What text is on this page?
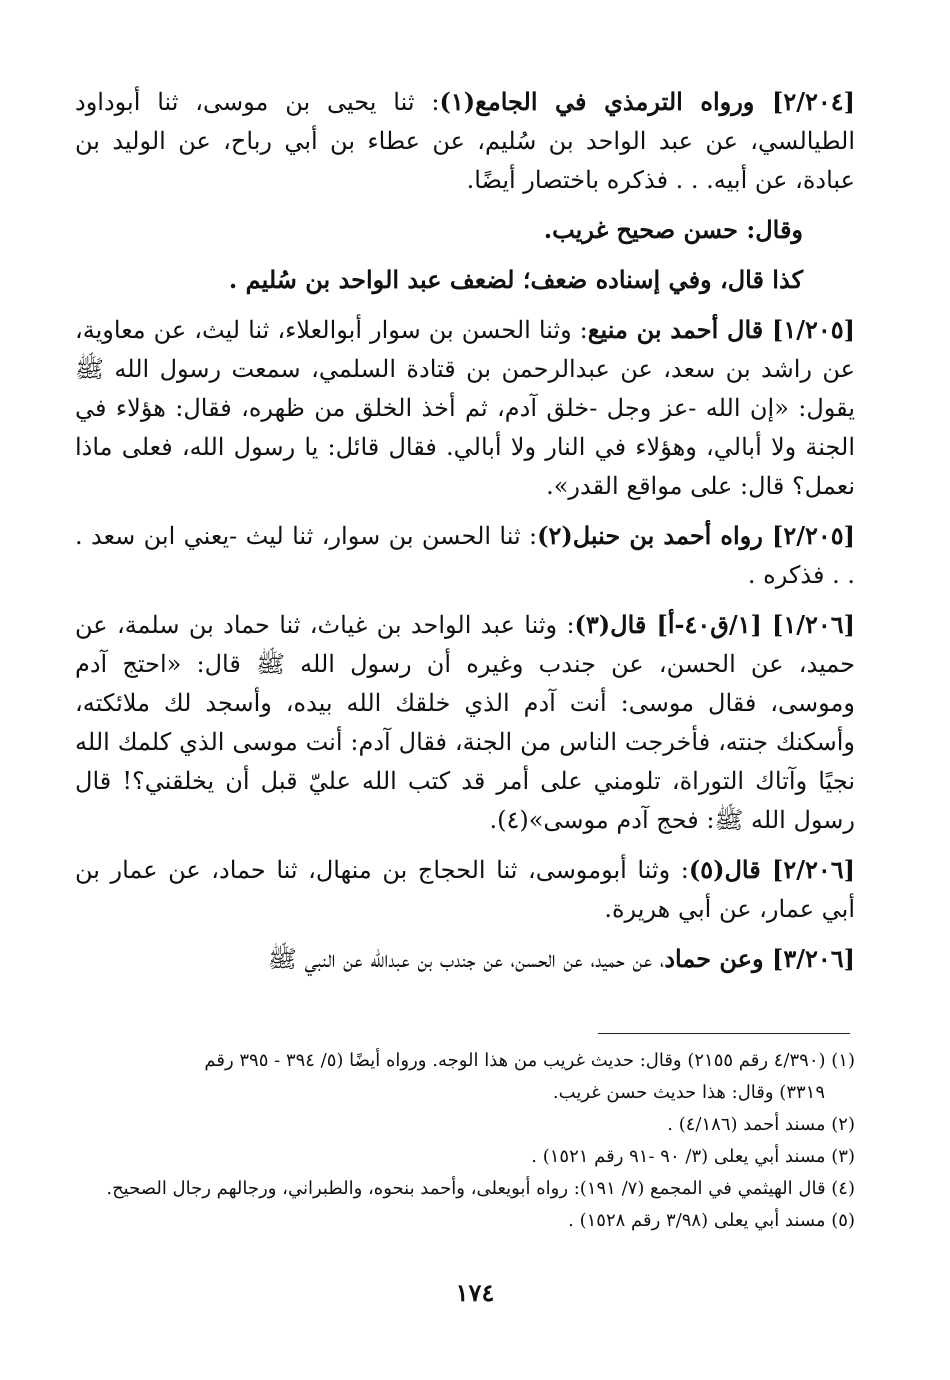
[٢/٢٠٤] ورواه الترمذي في الجامع(١): ثنا يحيى بن موسى، ثنا أبوداود الطيالسي، عن عبد الواحد بن سُليم، عن عطاء بن أبي رباح، عن الوليد بن عبادة، عن أبيه. . . فذكره باختصار أيضًا.

وقال: حسن صحيح غريب.

كذا قال، وفي إسناده ضعف؛ لضعف عبد الواحد بن سُليم .

[١/٢٠٥] قال أحمد بن منيع: وثنا الحسن بن سوار أبوالعلاء، ثنا ليث، عن معاوية، عن راشد بن سعد، عن عبدالرحمن بن قتادة السلمي، سمعت رسول الله ﷺ يقول: «إن الله -عز وجل -خلق آدم، ثم أخذ الخلق من ظهره، فقال: هؤلاء في الجنة ولا أبالي، وهؤلاء في النار ولا أبالي. فقال قائل: يا رسول الله، فعلى ماذا نعمل؟ قال: على مواقع القدر».

[٢/٢٠٥] رواه أحمد بن حنبل(٢): ثنا الحسن بن سوار، ثنا ليث -يعني ابن سعد . . . فذكره .

[١/٢٠٦] [١/ق٤٠-أ] قال(٣): وثنا عبد الواحد بن غياث، ثنا حماد بن سلمة، عن حميد، عن الحسن، عن جندب وغيره أن رسول الله ﷺ قال: «احتج آدم وموسى، فقال موسى: أنت آدم الذي خلقك الله بيده، وأسجد لك ملائكته، وأسكنك جنته، فأخرجت الناس من الجنة، فقال آدم: أنت موسى الذي كلمك الله نجيًا وآتاك التوراة، تلومني على أمر قد كتب الله عليّ قبل أن يخلقني؟! قال رسول الله ﷺ: فحج آدم موسى»(٤).

[٢/٢٠٦] قال(٥): وثنا أبوموسى، ثنا الحجاج بن منهال، ثنا حماد، عن عمار بن أبي عمار، عن أبي هريرة.

[٣/٢٠٦] وعن حماد، عن حميد، عن الحسن، عن جندب بن عبدالله عن النبي ﷺ

(١) (٤/٣٩٠ رقم ٢١٥٥) وقال: حديث غريب من هذا الوجه. ورواه أيضًا (٥/ ٣٩٤ - ٣٩٥ رقم

٣٣١٩) وقال: هذا حديث حسن غريب.

(٢) مسند أحمد (٤/١٨٦) .

(٣) مسند أبي يعلى (٣/ ٩٠ -٩١ رقم ١٥٢١) .

(٤) قال الهيثمي في المجمع (٧/ ١٩١): رواه أبويعلى، وأحمد بنحوه، والطبراني، ورجالهم رجال الصحيح.

(٥) مسند أبي يعلى (٣/٩٨ رقم ١٥٢٨) .

١٧٤
